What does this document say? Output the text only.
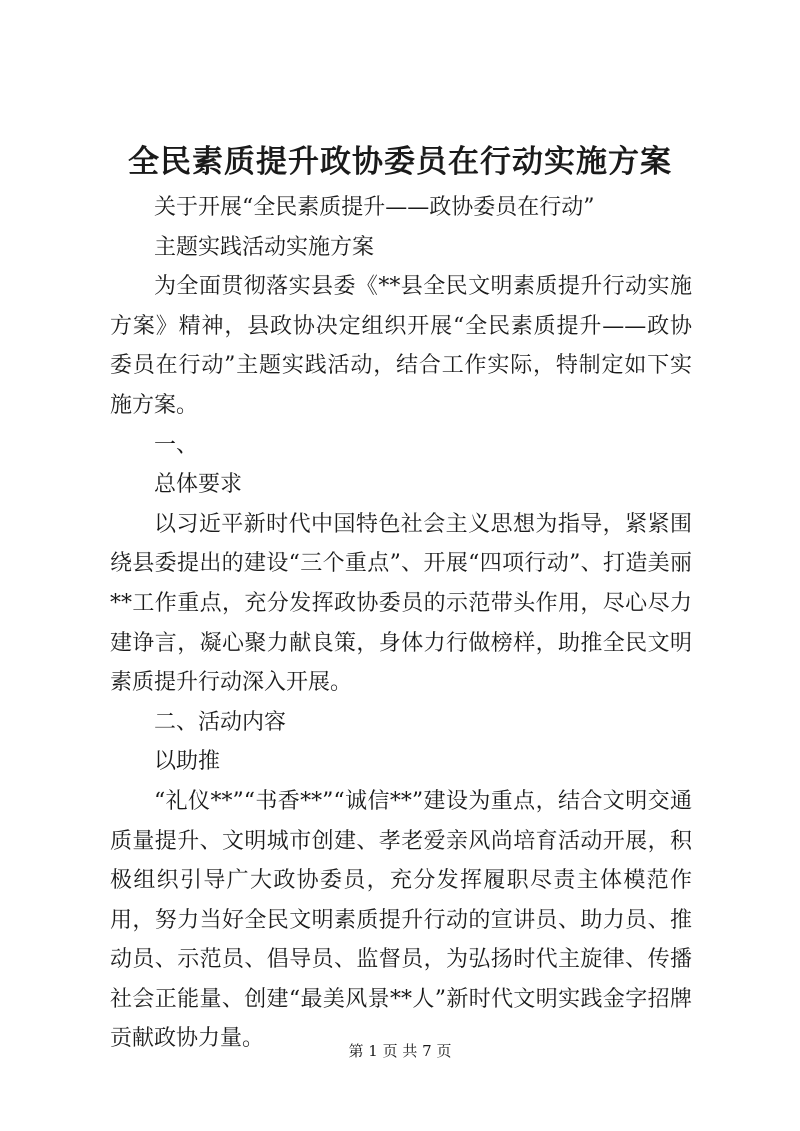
全民素质提升政协委员在行动实施方案

关于开展“全民素质提升——政协委员在行动”

主题实践活动实施方案

为全面贯彻落实县委《**县全民文明素质提升行动实施方案》精神，县政协决定组织开展“全民素质提升——政协委员在行动”主题实践活动，结合工作实际，特制定如下实施方案。

一、

总体要求

以习近平新时代中国特色社会主义思想为指导，紧紧围绕县委提出的建设“三个重点”、开展“四项行动”、打造美丽**工作重点，充分发挥政协委员的示范带头作用，尽心尽力建诤言，凝心聚力献良策，身体力行做榜样，助推全民文明素质提升行动深入开展。

二、活动内容

以助推

“礼仪**”“书香**”“诚信**”建设为重点，结合文明交通质量提升、文明城市创建、孝老爱亲风尚培育活动开展，积极组织引导广大政协委员，充分发挥履职尽责主体模范作用，努力当好全民文明素质提升行动的宣讲员、助力员、推动员、示范员、倡导员、监督员，为弘扬时代主旋律、传播社会正能量、创建“最美风景**人”新时代文明实践金字招牌贡献政协力量。	第 1 页 共 7 页
